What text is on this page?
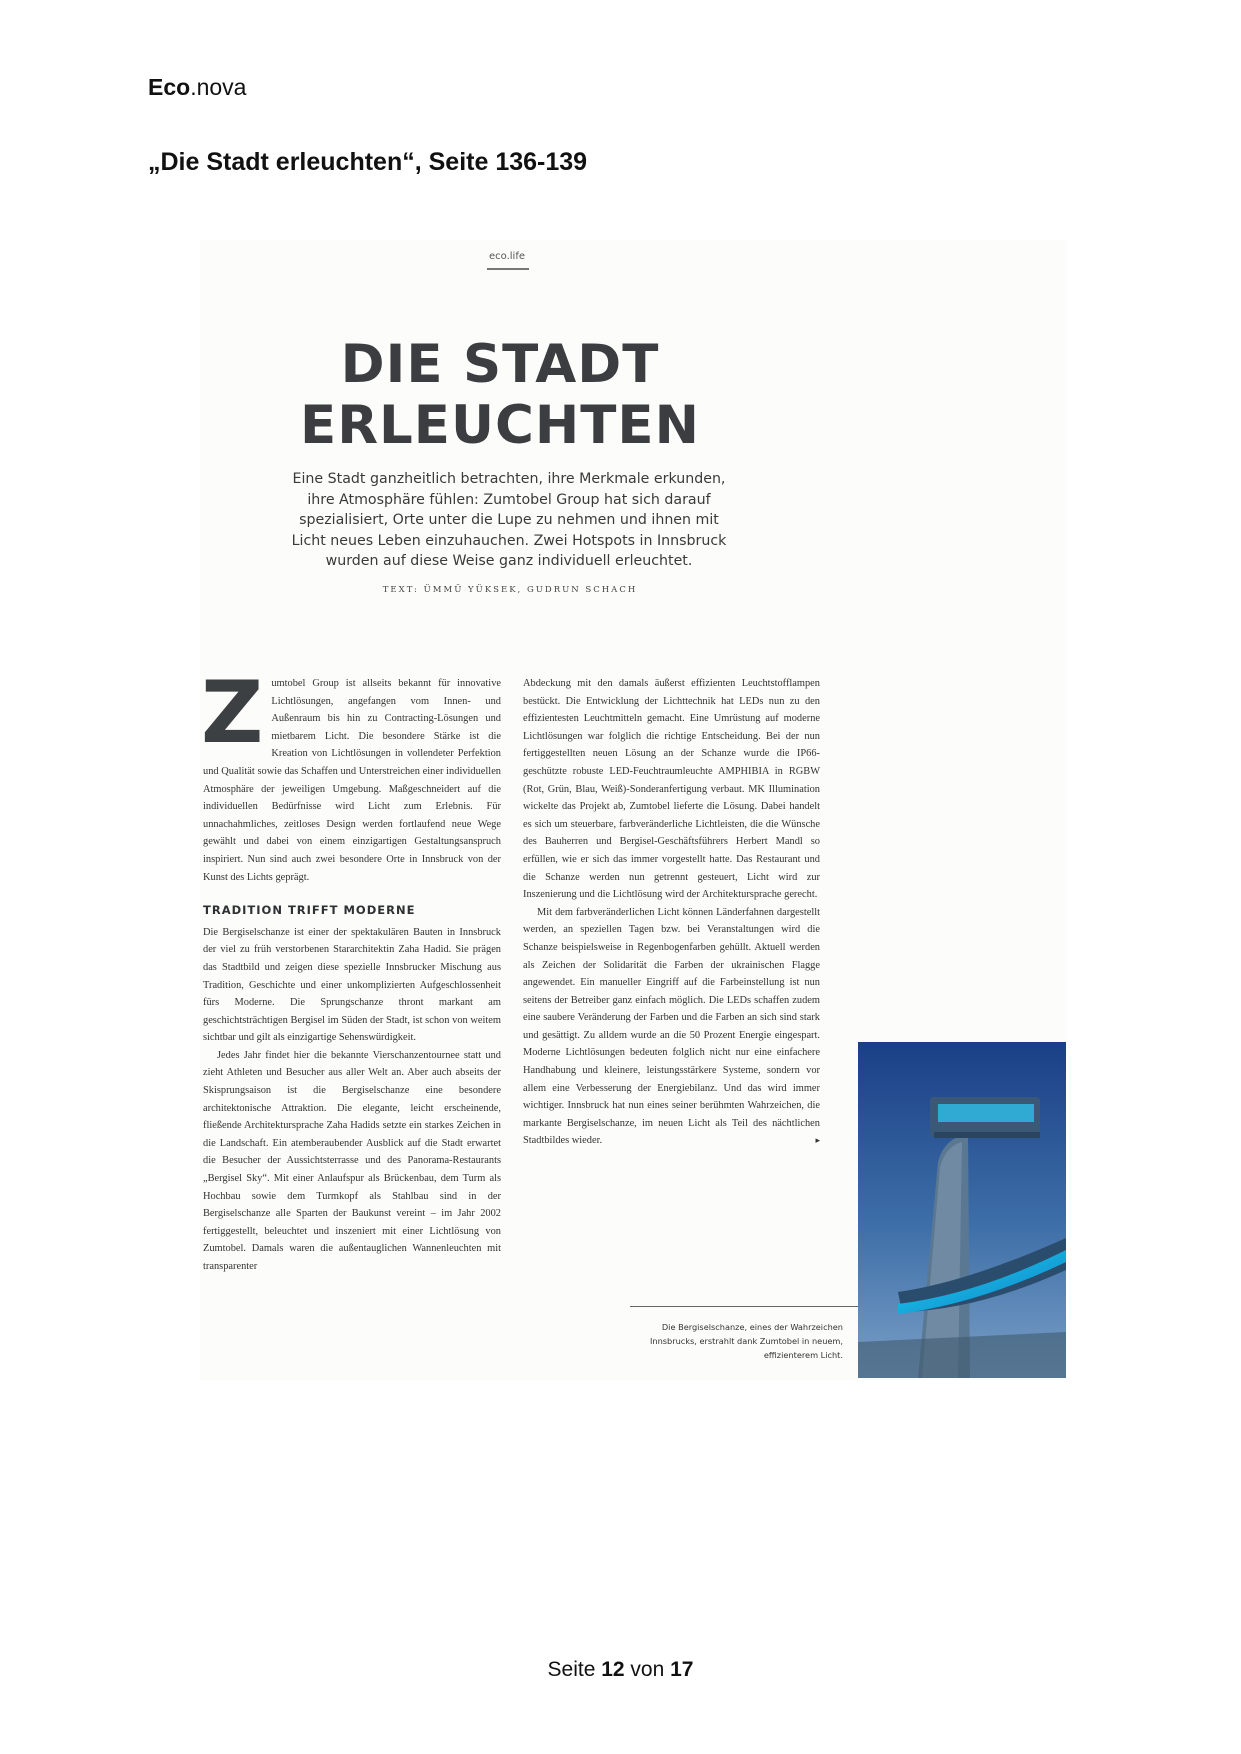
Eco.nova
„Die Stadt erleuchten“, Seite 136-139
eco.life
DIE STADT
ERLEUCHTEN
Eine Stadt ganzheitlich betrachten, ihre Merkmale erkunden, ihre Atmosphäre fühlen: Zumtobel Group hat sich darauf spezialisiert, Orte unter die Lupe zu nehmen und ihnen mit Licht neues Leben einzuhauchen. Zwei Hotspots in Innsbruck wurden auf diese Weise ganz individuell erleuchtet.
TEXT: ÜMMÜ YÜKSEK, GUDRUN SCHACH

Zumtobel Group ist allseits bekannt für innovative Lichtlösungen, angefangen vom Innen- und Außenraum bis hin zu Contracting-Lösungen und mietbarem Licht. Die besondere Stärke ist die Kreation von Lichtlösungen in vollendeter Perfektion und Qualität sowie das Schaffen und Unterstreichen einer individuellen Atmosphäre der jeweiligen Umgebung. Maßgeschneidert auf die individuellen Bedürfnisse wird Licht zum Erlebnis. Für unnachahmliches, zeitloses Design werden fortlaufend neue Wege gewählt und dabei von einem einzigartigen Gestaltungsanspruch inspiriert. Nun sind auch zwei besondere Orte in Innsbruck von der Kunst des Lichts geprägt.

TRADITION TRIFFT MODERNE

Die Bergiselschanze ist einer der spektakulären Bauten in Innsbruck der viel zu früh verstorbenen Stararchitektin Zaha Hadid. Sie prägen das Stadtbild und zeigen diese spezielle Innsbrucker Mischung aus Tradition, Geschichte und einer unkomplizierten Aufgeschlossenheit fürs Moderne. Die Sprungschanze thront markant am geschichtsträchtigen Bergisel im Süden der Stadt, ist schon von weitem sichtbar und gilt als einzigartige Sehenswürdigkeit.

Jedes Jahr findet hier die bekannte Vierschanzentournee statt und zieht Athleten und Besucher aus aller Welt an. Aber auch abseits der Skisprungsaison ist die Bergiselschanze eine besondere architektonische Attraktion. Die elegante, leicht erscheinende, fließende Architektursprache Zaha Hadids setzte ein starkes Zeichen in die Landschaft. Ein atemberaubender Ausblick auf die Stadt erwartet die Besucher der Aussichtsterrasse und des Panorama-Restaurants „Bergisel Sky“. Mit einer Anlaufspur als Brückenbau, dem Turm als Hochbau sowie dem Turmkopf als Stahlbau sind in der Bergiselschanze alle Sparten der Baukunst vereint – im Jahr 2002 fertiggestellt, beleuchtet und inszeniert mit einer Lichtlösung von Zumtobel. Damals waren die außentauglichen Wannenleuchten mit transparenter

Abdeckung mit den damals äußerst effizienten Leuchtstofflampen bestückt. Die Entwicklung der Lichttechnik hat LEDs nun zu den effizientesten Leuchtmitteln gemacht. Eine Umrüstung auf moderne Lichtlösungen war folglich die richtige Entscheidung. Bei der nun fertiggestellten neuen Lösung an der Schanze wurde die IP66-geschützte robuste LED-Feuchtraumleuchte AMPHIBIA in RGBW (Rot, Grün, Blau, Weiß)-Sonderanfertigung verbaut. MK Illumination wickelte das Projekt ab, Zumtobel lieferte die Lösung. Dabei handelt es sich um steuerbare, farbveränderliche Lichtleisten, die die Wünsche des Bauherren und Bergisel-Geschäftsführers Herbert Mandl so erfüllen, wie er sich das immer vorgestellt hatte. Das Restaurant und die Schanze werden nun getrennt gesteuert, Licht wird zur Inszenierung und die Lichtlösung wird der Architektursprache gerecht.

Mit dem farbveränderlichen Licht können Länderfahnen dargestellt werden, an speziellen Tagen bzw. bei Veranstaltungen wird die Schanze beispielsweise in Regenbogenfarben gehüllt. Aktuell werden als Zeichen der Solidarität die Farben der ukrainischen Flagge angewendet. Ein manueller Eingriff auf die Farbeinstellung ist nun seitens der Betreiber ganz einfach möglich. Die LEDs schaffen zudem eine saubere Veränderung der Farben und die Farben an sich sind stark und gesättigt. Zu alldem wurde an die 50 Prozent Energie eingespart. Moderne Lichtlösungen bedeuten folglich nicht nur eine einfachere Handhabung und kleinere, leistungsstärkere Systeme, sondern vor allem eine Verbesserung der Energiebilanz. Und das wird immer wichtiger. Innsbruck hat nun eines seiner berühmten Wahrzeichen, die markante Bergiselschanze, im neuen Licht als Teil des nächtlichen Stadtbildes wieder.	▸

Die Bergiselschanze, eines der Wahrzeichen Innsbrucks, erstrahlt dank Zumtobel in neuem, effizienterem Licht.
Seite 12 von 17
